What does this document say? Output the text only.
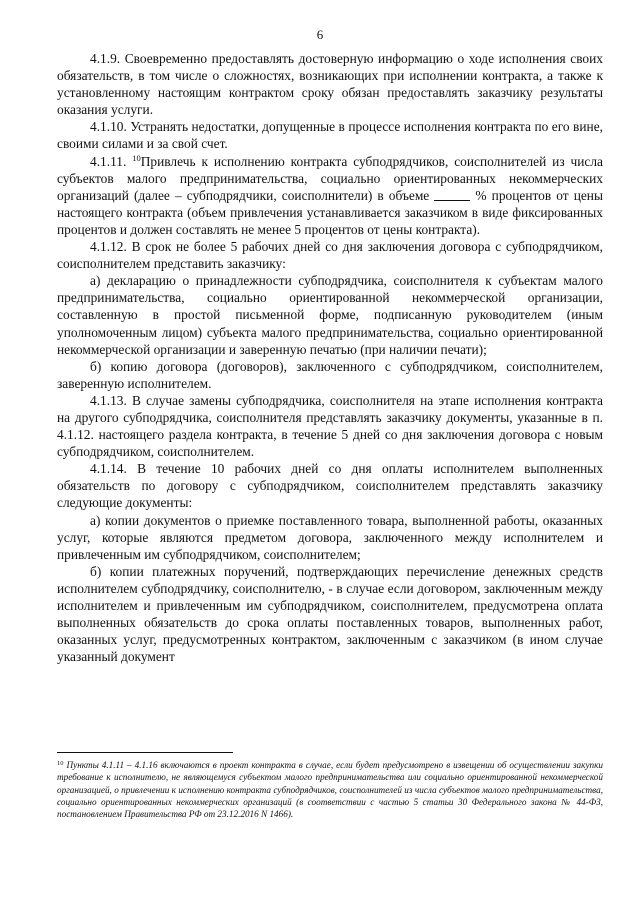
6

4.1.9. Своевременно предоставлять достоверную информацию о ходе исполнения своих обязательств, в том числе о сложностях, возникающих при исполнении контракта, а также к установленному настоящим контрактом сроку обязан предоставлять заказчику результаты оказания услуги.

4.1.10. Устранять недостатки, допущенные в процессе исполнения контракта по его вине, своими силами и за свой счет.

4.1.11. $^{10}$Привлечь к исполнению контракта субподрядчиков, соисполнителей из числа субъектов малого предпринимательства, социально ориентированных некоммерческих организаций (далее – субподрядчики, соисполнители) в объеме	% процентов от цены настоящего контракта (объем привлечения устанавливается заказчиком в виде фиксированных процентов и должен составлять не менее 5 процентов от цены контракта).

4.1.12. В срок не более 5 рабочих дней со дня заключения договора с субподрядчиком, соисполнителем представить заказчику:

а) декларацию о принадлежности субподрядчика, соисполнителя к субъектам малого предпринимательства, социально ориентированной некоммерческой организации, составленную в простой письменной форме, подписанную руководителем (иным уполномоченным лицом) субъекта малого предпринимательства, социально ориентированной некоммерческой организации и заверенную печатью (при наличии печати);

б) копию договора (договоров), заключенного с субподрядчиком, соисполнителем, заверенную исполнителем.

4.1.13. В случае замены субподрядчика, соисполнителя на этапе исполнения контракта на другого субподрядчика, соисполнителя представлять заказчику документы, указанные в п. 4.1.12. настоящего раздела контракта, в течение 5 дней со дня заключения договора с новым субподрядчиком, соисполнителем.

4.1.14. В течение 10 рабочих дней со дня оплаты исполнителем выполненных обязательств по договору с субподрядчиком, соисполнителем представлять заказчику следующие документы:

а) копии документов о приемке поставленного товара, выполненной работы, оказанных услуг, которые являются предметом договора, заключенного между исполнителем и привлеченным им субподрядчиком, соисполнителем;

б) копии платежных поручений, подтверждающих перечисление денежных средств исполнителем субподрядчику, соисполнителю, - в случае если договором, заключенным между исполнителем и привлеченным им субподрядчиком, соисполнителем, предусмотрена оплата выполненных обязательств до срока оплаты поставленных товаров, выполненных работ, оказанных услуг, предусмотренных контрактом, заключенным с заказчиком (в ином случае указанный документ

$^{10}$ Пункты 4.1.11 – 4.1.16 включаются в проект контракта в случае, если будет предусмотрено в извещении об осуществлении закупки требование к исполнителю, не являющемуся субъектом малого предпринимательства или социально ориентированной некоммерческой организацией, о привлечении к исполнению контракта субподрядчиков, соисполнителей из числа субъектов малого предпринимательства, социально ориентированных некоммерческих организаций (в соответствии с частью 5 статьи 30 Федерального закона № 44-ФЗ, постановлением Правительства РФ от 23.12.2016 N 1466).
